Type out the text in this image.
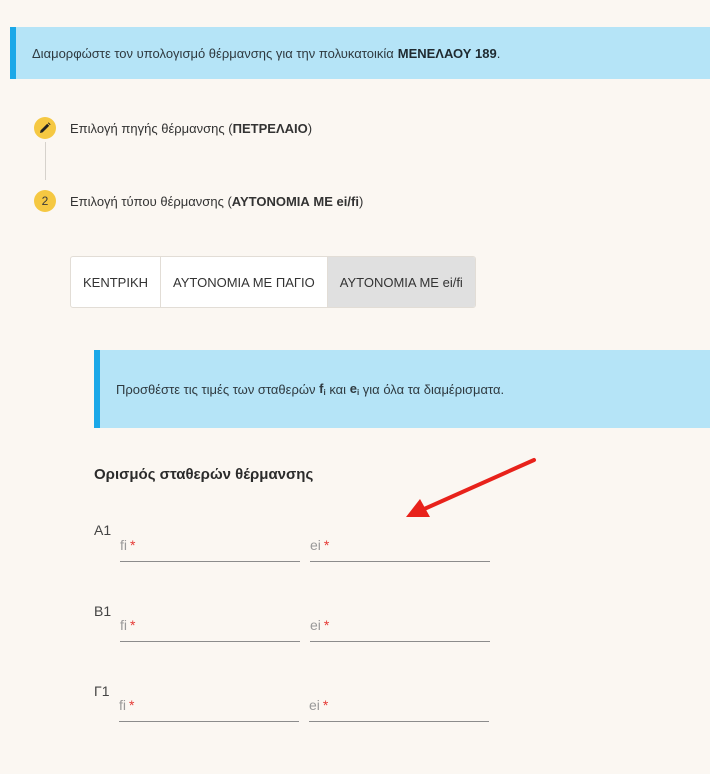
Διαμορφώστε τον υπολογισμό θέρμανσης για την πολυκατοικία ΜΕΝΕΛΑΟΥ 189 .
Επιλογή πηγής θέρμανσης ( ΠΕΤΡΕΛΑΙΟ )
2	Επιλογή τύπου θέρμανσης ( ΑΥΤΟΝΟΜΙΑ ΜΕ ei/fi )
ΚΕΝΤΡΙΚΗ	ΑΥΤΟΝΟΜΙΑ ΜΕ ΠΑΓΙΟ	ΑΥΤΟΝΟΜΙΑ ΜΕ ei/fi
Προσθέστε τις τιμές των σταθερών
$f_i$
και
$e_i$
για όλα τα διαμέρισματα.
Ορισμός σταθερών θέρμανσης
Α1
fi *	ei *
Β1
fi *	ei *
Γ1
fi *	ei *
